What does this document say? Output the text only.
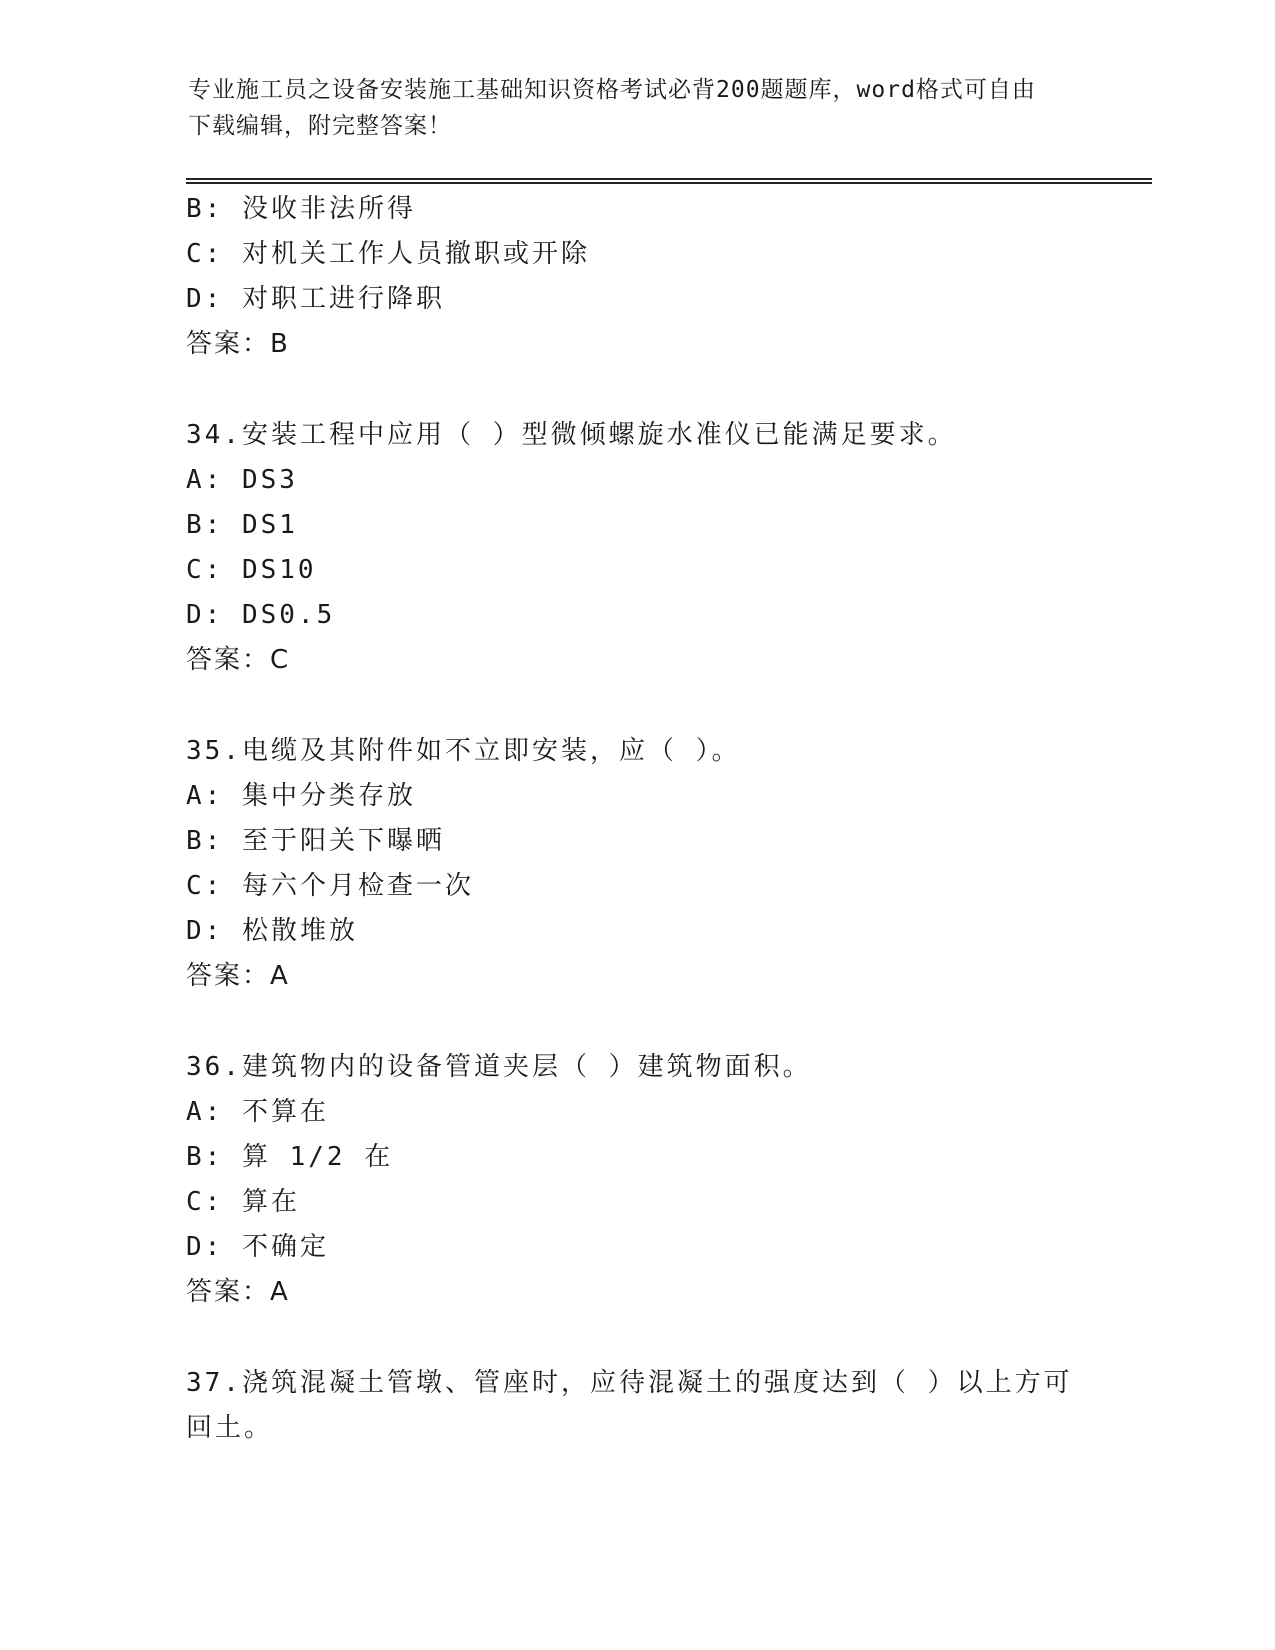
专业施工员之设备安装施工基础知识资格考试必背200题题库，word格式可自由
下载编辑，附完整答案！
B: 没收非法所得
C: 对机关工作人员撤职或开除
D: 对职工进行降职
答案：B
34.安装工程中应用（ ）型微倾螺旋水准仪已能满足要求。
A: DS3
B: DS1
C: DS10
D: DS0.5
答案：C
35.电缆及其附件如不立即安装，应（ ）。
A: 集中分类存放
B: 至于阳关下曝晒
C: 每六个月检查一次
D: 松散堆放
答案：A
36.建筑物内的设备管道夹层（ ）建筑物面积。
A: 不算在
B: 算 1/2 在
C: 算在
D: 不确定
答案：A
37.浇筑混凝土管墩、管座时，应待混凝土的强度达到（ ）以上方可
回土。
